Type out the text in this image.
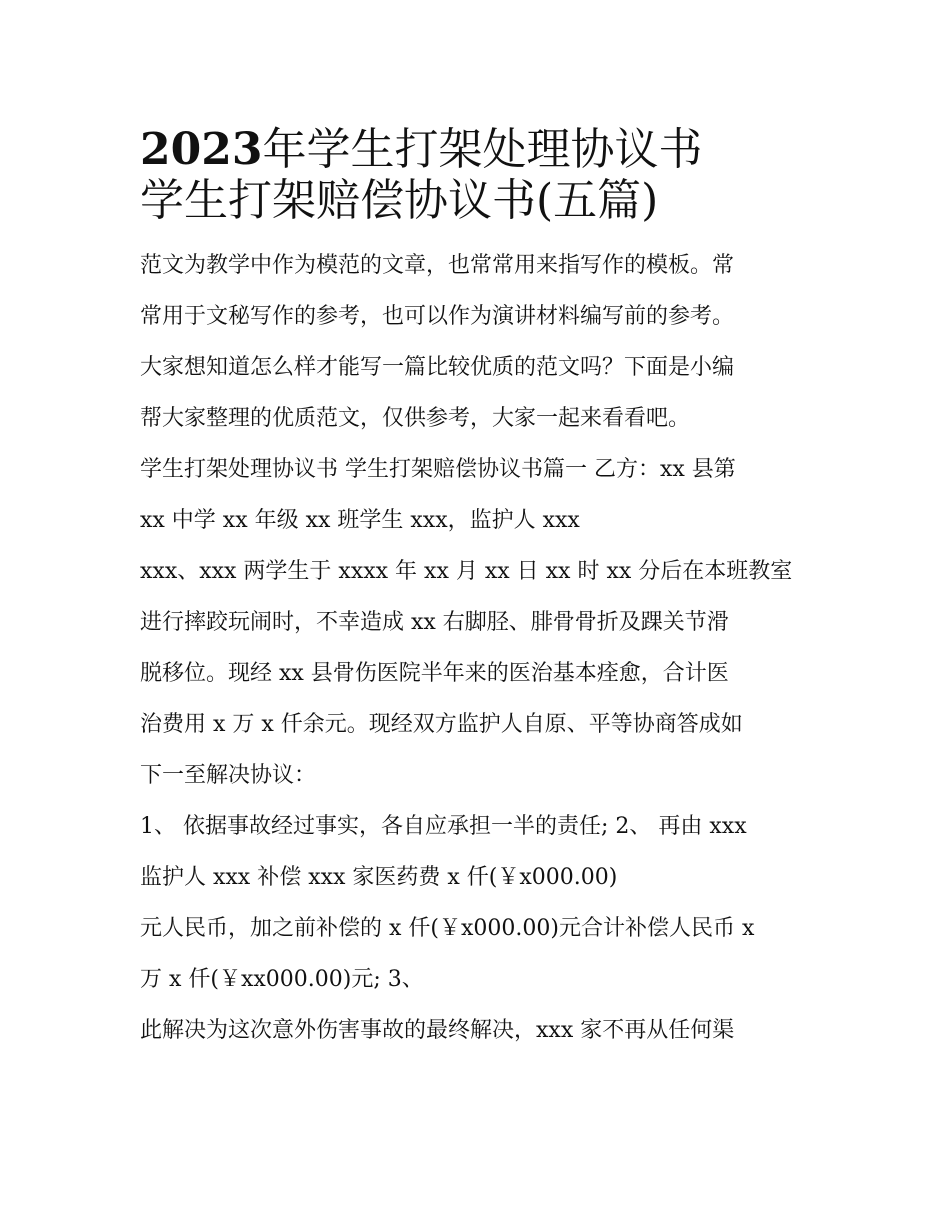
2023年学生打架处理协议书
学生打架赔偿协议书(五篇)
范文为教学中作为模范的文章，也常常用来指写作的模板。常
常用于文秘写作的参考，也可以作为演讲材料编写前的参考。
大家想知道怎么样才能写一篇比较优质的范文吗？下面是小编
帮大家整理的优质范文，仅供参考，大家一起来看看吧。
学生打架处理协议书 学生打架赔偿协议书篇一 乙方：xx 县第
xx 中学 xx 年级 xx 班学生 xxx，监护人 xxx
xxx、xxx 两学生于 xxxx 年 xx 月 xx 日 xx 时 xx 分后在本班教室
进行摔跤玩闹时，不幸造成 xx 右脚胫、腓骨骨折及踝关节滑
脱移位。现经 xx 县骨伤医院半年来的医治基本痊愈，合计医
治费用 x 万 x 仟余元。现经双方监护人自原、平等协商答成如
下一至解决协议：
1、 依据事故经过事实，各自应承担一半的责任; 2、 再由 xxx
监护人 xxx 补偿 xxx 家医药费 x 仟(￥x000.00)
元人民币，加之前补偿的 x 仟(￥x000.00)元合计补偿人民币 x
万 x 仟(￥xx000.00)元; 3、
此解决为这次意外伤害事故的最终解决，xxx 家不再从任何渠
